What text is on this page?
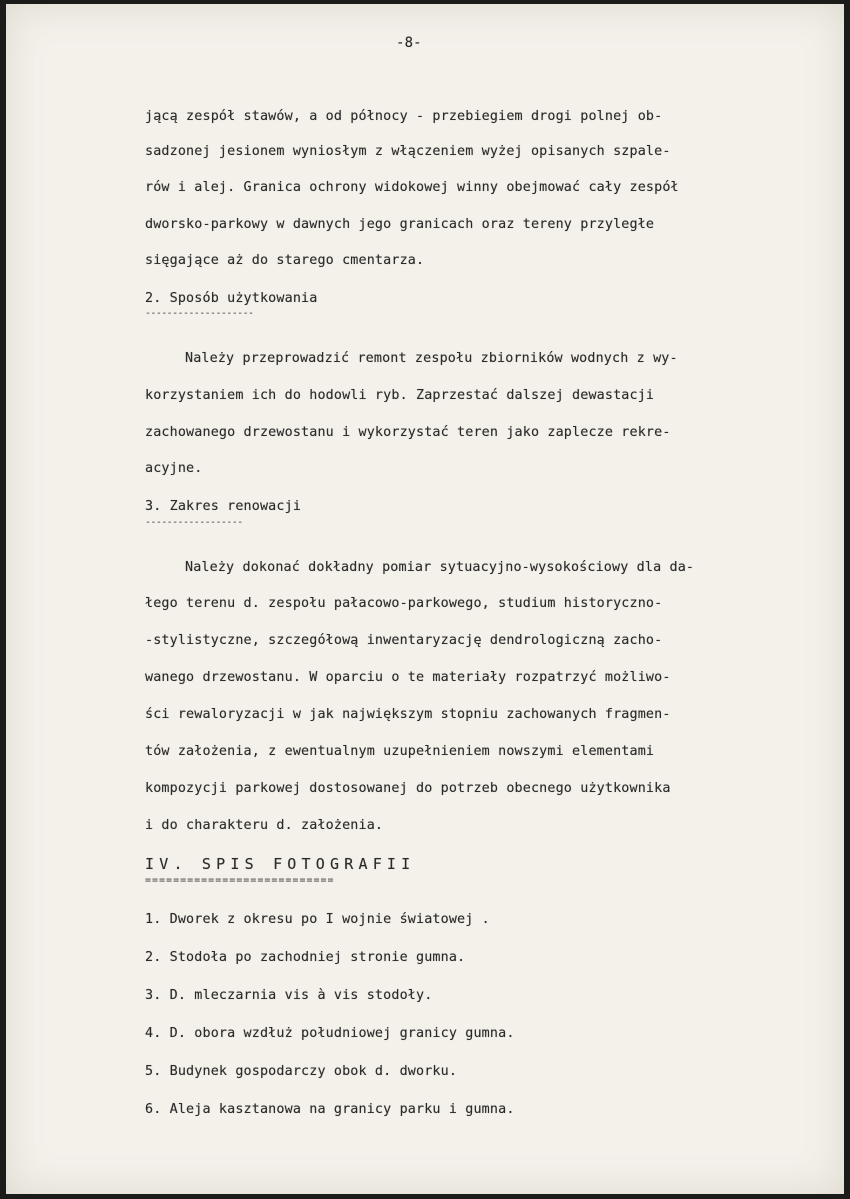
-8-
jącą zespół stawów, a od północy - przebiegiem drogi polnej ob-
sadzonej jesionem wyniosłym z włączeniem wyżej opisanych szpale-
rów i alej. Granica ochrony widokowej winny obejmować cały zespół
dworsko-parkowy w dawnych jego granicach oraz tereny przyległe
sięgające aż do starego cmentarza.
2. Sposób użytkowania
--------------------
Należy przeprowadzić remont zespołu zbiorników wodnych z wy-
korzystaniem ich do hodowli ryb. Zaprzestać dalszej dewastacji
zachowanego drzewostanu i wykorzystać teren jako zaplecze rekre-
acyjne.
3. Zakres renowacji
------------------
Należy dokonać dokładny pomiar sytuacyjno-wysokościowy dla da-
łego terenu d. zespołu pałacowo-parkowego, studium historyczno-
-stylistyczne, szczegółową inwentaryzację dendrologiczną zacho-
wanego drzewostanu. W oparciu o te materiały rozpatrzyć możliwo-
ści rewaloryzacji w jak największym stopniu zachowanych fragmen-
tów założenia, z ewentualnym uzupełnieniem nowszymi elementami
kompozycji parkowej dostosowanej do potrzeb obecnego użytkownika
i do charakteru d. założenia.
IV. SPIS FOTOGRAFII
===========================
1. Dworek z okresu po I wojnie światowej .
2. Stodoła po zachodniej stronie gumna.
3. D. mleczarnia vis à vis stodoły.
4. D. obora wzdłuż południowej granicy gumna.
5. Budynek gospodarczy obok d. dworku.
6. Aleja kasztanowa na granicy parku i gumna.
